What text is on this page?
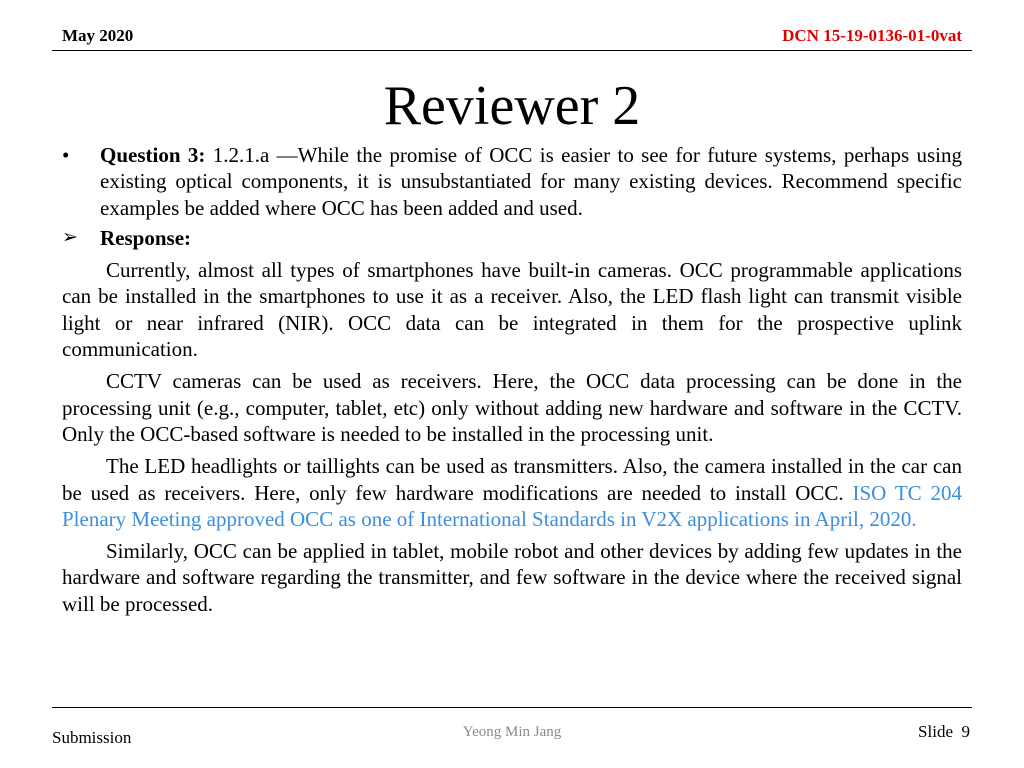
May 2020	DCN 15-19-0136-01-0vat
Reviewer 2
• Question 3: 1.2.1.a —While the promise of OCC is easier to see for future systems, perhaps using existing optical components, it is unsubstantiated for many existing devices. Recommend specific examples be added where OCC has been added and used.
➢ Response:
Currently, almost all types of smartphones have built-in cameras. OCC programmable applications can be installed in the smartphones to use it as a receiver. Also, the LED flash light can transmit visible light or near infrared (NIR). OCC data can be integrated in them for the prospective uplink communication.
CCTV cameras can be used as receivers. Here, the OCC data processing can be done in the processing unit (e.g., computer, tablet, etc) only without adding new hardware and software in the CCTV. Only the OCC-based software is needed to be installed in the processing unit.
The LED headlights or taillights can be used as transmitters. Also, the camera installed in the car can be used as receivers. Here, only few hardware modifications are needed to install OCC. ISO TC 204 Plenary Meeting approved OCC as one of International Standards in V2X applications in April, 2020.
Similarly, OCC can be applied in tablet, mobile robot and other devices by adding few updates in the hardware and software regarding the transmitter, and few software in the device where the received signal will be processed.
Submission	Yeong Min Jang	Slide 9
